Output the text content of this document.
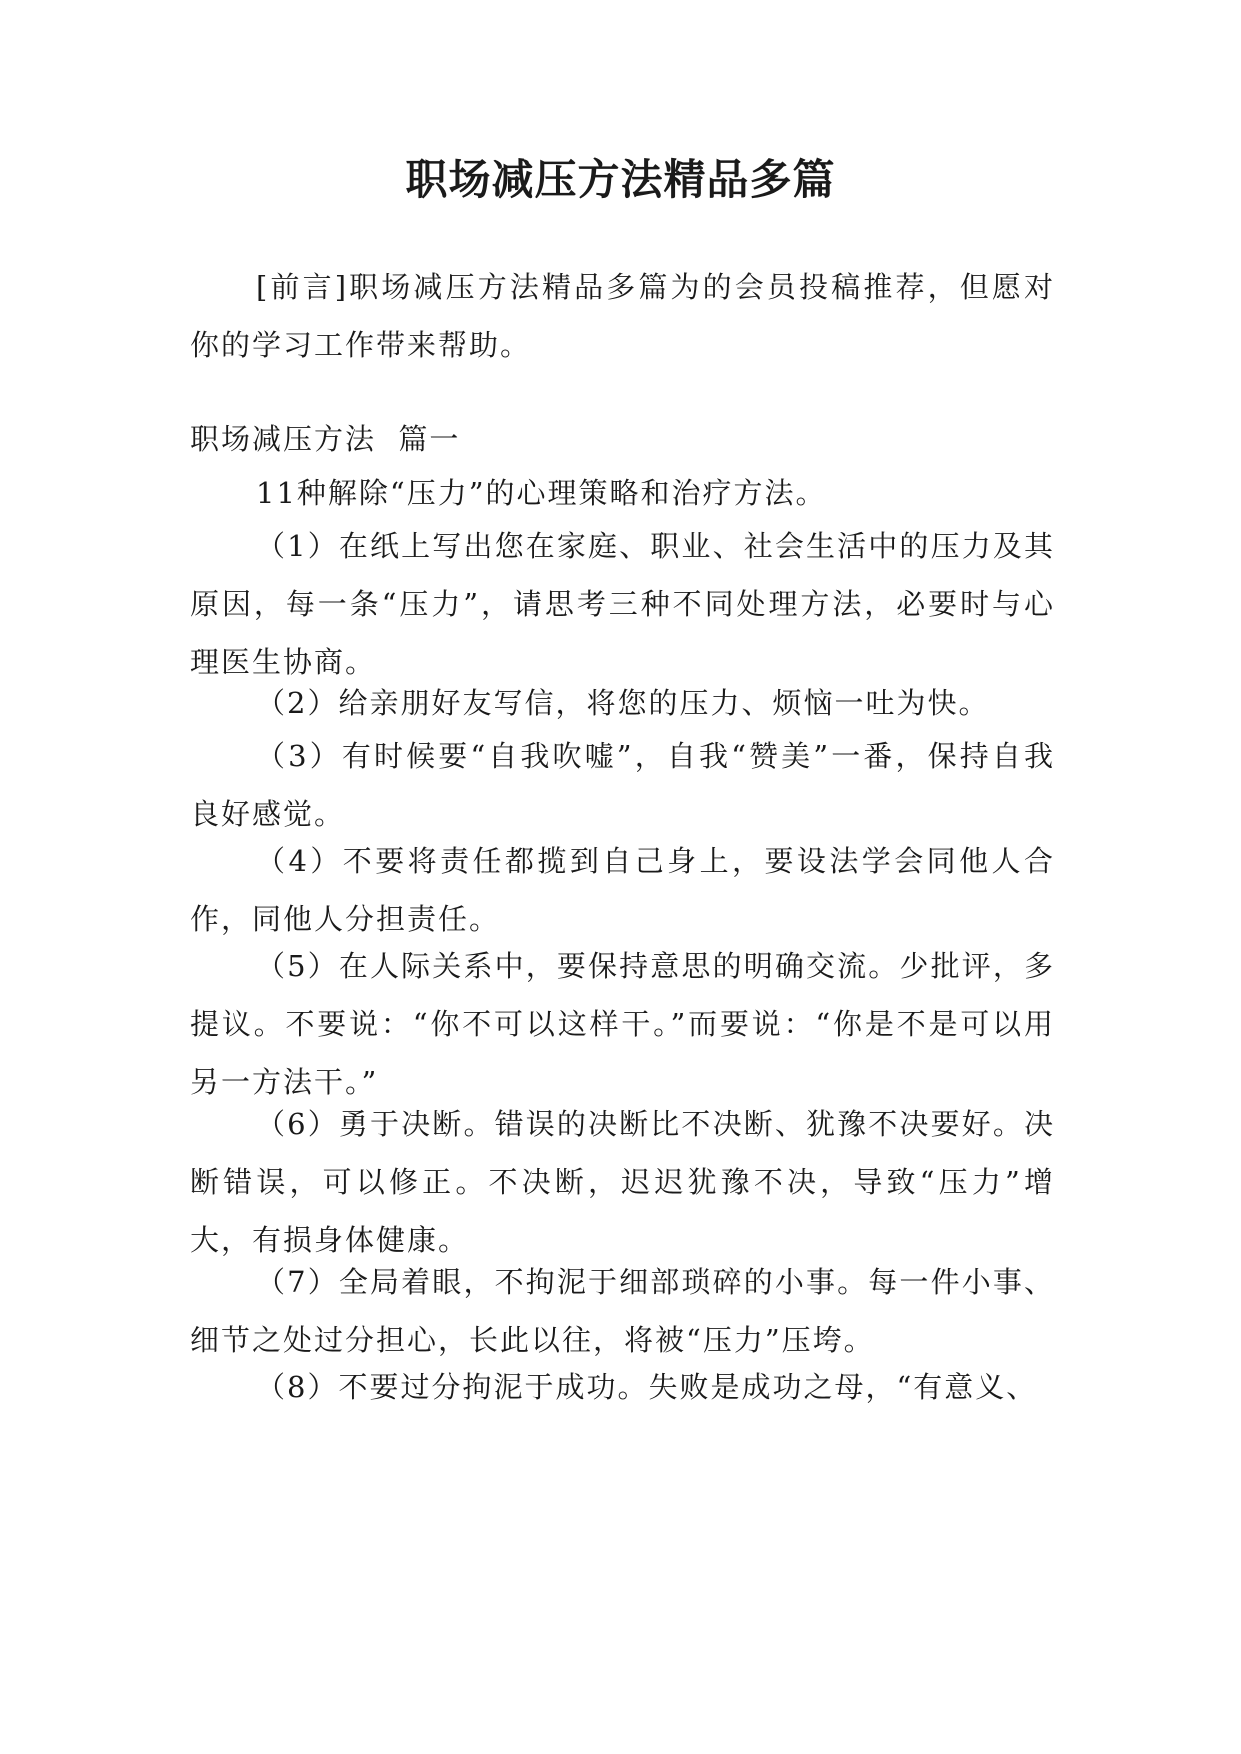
职场减压方法精品多篇
[前言]职场减压方法精品多篇为的会员投稿推荐，但愿对你的学习工作带来帮助。
职场减压方法  篇一
11种解除“压力”的心理策略和治疗方法。
（1）在纸上写出您在家庭、职业、社会生活中的压力及其原因，每一条“压力”，请思考三种不同处理方法，必要时与心理医生协商。
（2）给亲朋好友写信，将您的压力、烦恼一吐为快。
（3）有时候要“自我吹嘘”，自我“赞美”一番，保持自我良好感觉。
（4）不要将责任都揽到自己身上，要设法学会同他人合作，同他人分担责任。
（5）在人际关系中，要保持意思的明确交流。少批评，多提议。不要说：“你不可以这样干。”而要说：“你是不是可以用另一方法干。”
（6）勇于决断。错误的决断比不决断、犹豫不决要好。决断错误，可以修正。不决断，迟迟犹豫不决，导致“压力”增大，有损身体健康。
（7）全局着眼，不拘泥于细部琐碎的小事。每一件小事、细节之处过分担心，长此以往，将被“压力”压垮。
（8）不要过分拘泥于成功。失败是成功之母，“有意义、
